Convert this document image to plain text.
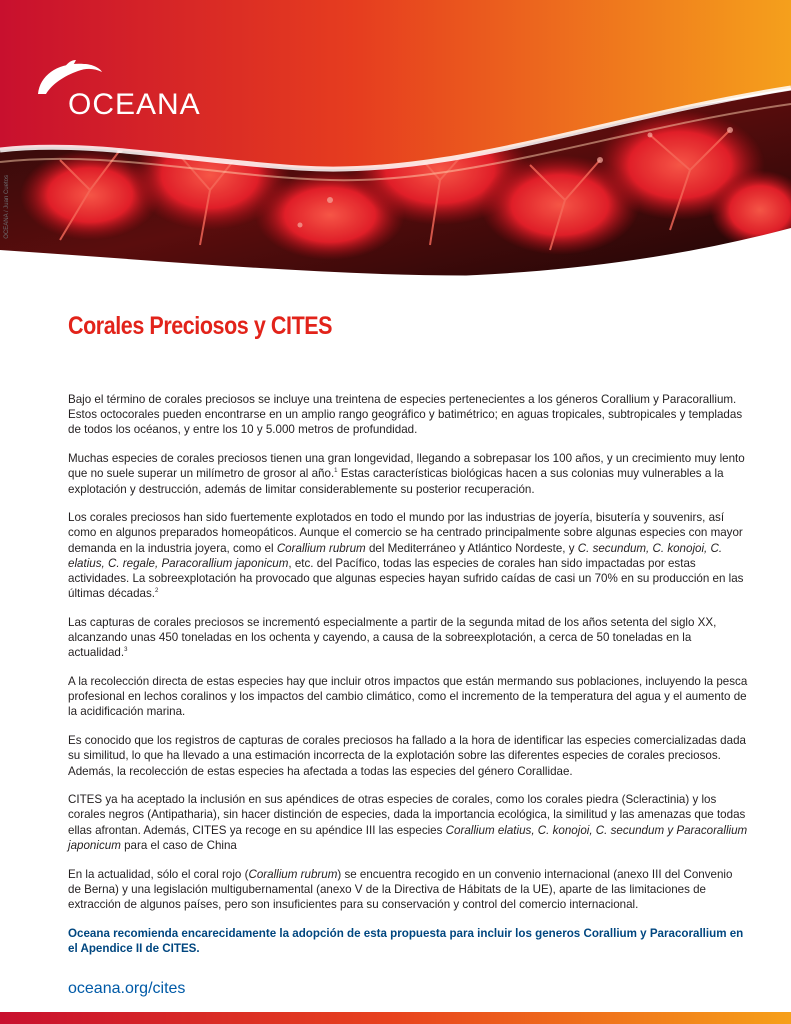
OCEANA
OCEANA / Juan Cuetos
Corales Preciosos y CITES

Bajo el término de corales preciosos se incluye una treintena de especies pertenecientes a los géneros Corallium y Paracorallium. Estos octocorales pueden encontrarse en un amplio rango geográfico y batimétrico; en aguas tropicales, subtropicales y templadas de todos los océanos, y entre los 10 y 5.000 metros de profundidad.

Muchas especies de corales preciosos tienen una gran longevidad, llegando a sobrepasar los 100 años, y un crecimiento muy lento que no suele superar un milímetro de grosor al año.$^1$ Estas características biológicas hacen a sus colonias muy vulnerables a la explotación y destrucción, además de limitar considerablemente su posterior recuperación.

Los corales preciosos han sido fuertemente explotados en todo el mundo por las industrias de joyería, bisutería y souvenirs, así como en algunos preparados homeopáticos. Aunque el comercio se ha centrado principalmente sobre algunas especies con mayor demanda en la industria joyera, como el Corallium rubrum del Mediterráneo y Atlántico Nordeste, y C. secundum, C. konojoi, C. elatius, C. regale, Paracorallium japonicum, etc. del Pacífico, todas las especies de corales han sido impactadas por estas actividades. La sobreexplotación ha provocado que algunas especies hayan sufrido caídas de casi un 70% en su producción en las últimas décadas.$^2$

Las capturas de corales preciosos se incrementó especialmente a partir de la segunda mitad de los años setenta del siglo XX, alcanzando unas 450 toneladas en los ochenta y cayendo, a causa de la sobreexplotación, a cerca de 50 toneladas en la actualidad.$^3$

A la recolección directa de estas especies hay que incluir otros impactos que están mermando sus poblaciones, incluyendo la pesca profesional en lechos coralinos y los impactos del cambio climático, como el incremento de la temperatura del agua y el aumento de la acidificación marina.

Es conocido que los registros de capturas de corales preciosos ha fallado a la hora de identificar las especies comercializadas dada su similitud, lo que ha llevado a una estimación incorrecta de la explotación sobre las diferentes especies de corales preciosos. Además, la recolección de estas especies ha afectada a todas las especies del género Corallidae.

CITES ya ha aceptado la inclusión en sus apéndices de otras especies de corales, como los corales piedra (Scleractinia) y los corales negros (Antipatharia), sin hacer distinción de especies, dada la importancia ecológica, la similitud y las amenazas que todas ellas afrontan. Además, CITES ya recoge en su apéndice III las especies Corallium elatius, C. konojoi, C. secundum y Paracorallium japonicum para el caso de China

En la actualidad, sólo el coral rojo (Corallium rubrum) se encuentra recogido en un convenio internacional (anexo III del Convenio de Berna) y una legislación multigubernamental (anexo V de la Directiva de Hábitats de la UE), aparte de las limitaciones de extracción de algunos países, pero son insuficientes para su conservación y control del comercio internacional.

Oceana recomienda encarecidamente la adopción de esta propuesta para incluir los generos Corallium y Paracorallium en el Apendice II de CITES.

oceana.org/cites
